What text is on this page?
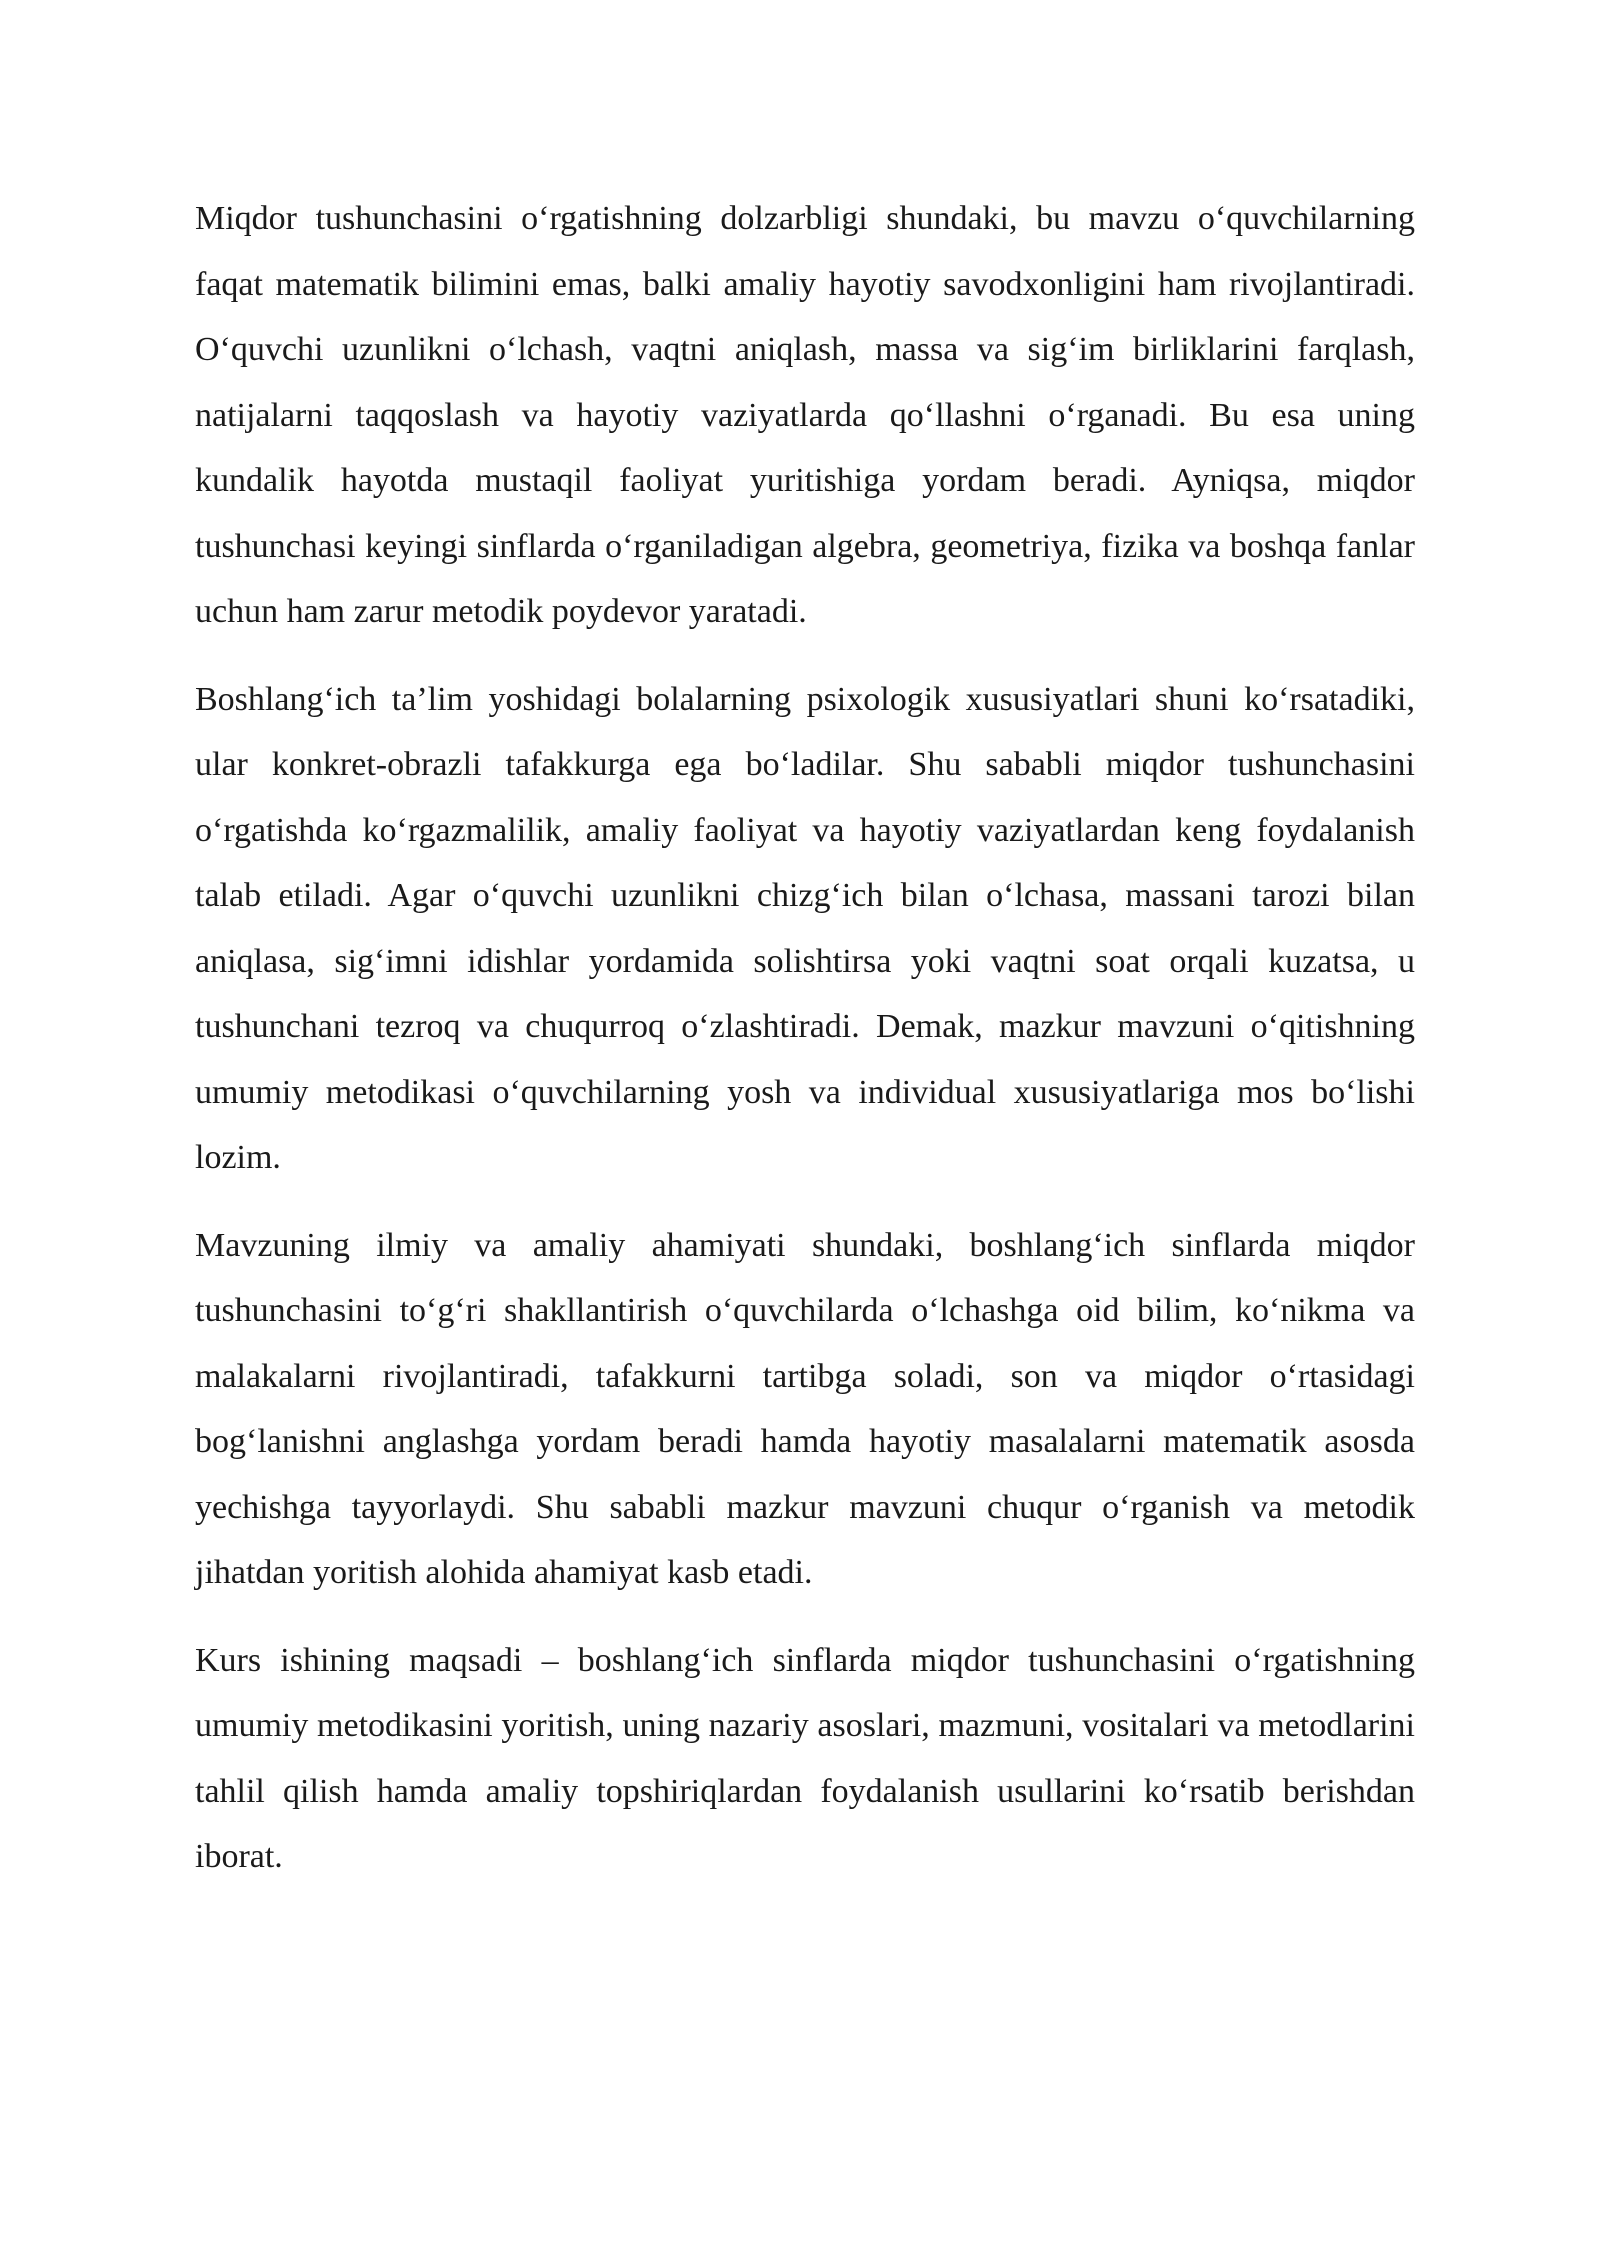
Miqdor tushunchasini o‘rgatishning dolzarbligi shundaki, bu mavzu o‘quvchilarning faqat matematik bilimini emas, balki amaliy hayotiy savodxonligini ham rivojlantiradi. O‘quvchi uzunlikni o‘lchash, vaqtni aniqlash, massa va sig‘im birliklarini farqlash, natijalarni taqqoslash va hayotiy vaziyatlarda qo‘llashni o‘rganadi. Bu esa uning kundalik hayotda mustaqil faoliyat yuritishiga yordam beradi. Ayniqsa, miqdor tushunchasi keyingi sinflarda o‘rganiladigan algebra, geometriya, fizika va boshqa fanlar uchun ham zarur metodik poydevor yaratadi.

Boshlang‘ich ta’lim yoshidagi bolalarning psixologik xususiyatlari shuni ko‘rsatadiki, ular konkret-obrazli tafakkurga ega bo‘ladilar. Shu sababli miqdor tushunchasini o‘rgatishda ko‘rgazmalilik, amaliy faoliyat va hayotiy vaziyatlardan keng foydalanish talab etiladi. Agar o‘quvchi uzunlikni chizg‘ich bilan o‘lchasa, massani tarozi bilan aniqlasa, sig‘imni idishlar yordamida solishtirsa yoki vaqtni soat orqali kuzatsa, u tushunchani tezroq va chuqurroq o‘zlashtiradi. Demak, mazkur mavzuni o‘qitishning umumiy metodikasi o‘quvchilarning yosh va individual xususiyatlariga mos bo‘lishi lozim.

Mavzuning ilmiy va amaliy ahamiyati shundaki, boshlang‘ich sinflarda miqdor tushunchasini to‘g‘ri shakllantirish o‘quvchilarda o‘lchashga oid bilim, ko‘nikma va malakalarni rivojlantiradi, tafakkurni tartibga soladi, son va miqdor o‘rtasidagi bog‘lanishni anglashga yordam beradi hamda hayotiy masalalarni matematik asosda yechishga tayyorlaydi. Shu sababli mazkur mavzuni chuqur o‘rganish va metodik jihatdan yoritish alohida ahamiyat kasb etadi.

Kurs ishining maqsadi – boshlang‘ich sinflarda miqdor tushunchasini o‘rgatishning umumiy metodikasini yoritish, uning nazariy asoslari, mazmuni, vositalari va metodlarini tahlil qilish hamda amaliy topshiriqlardan foydalanish usullarini ko‘rsatib berishdan iborat.
